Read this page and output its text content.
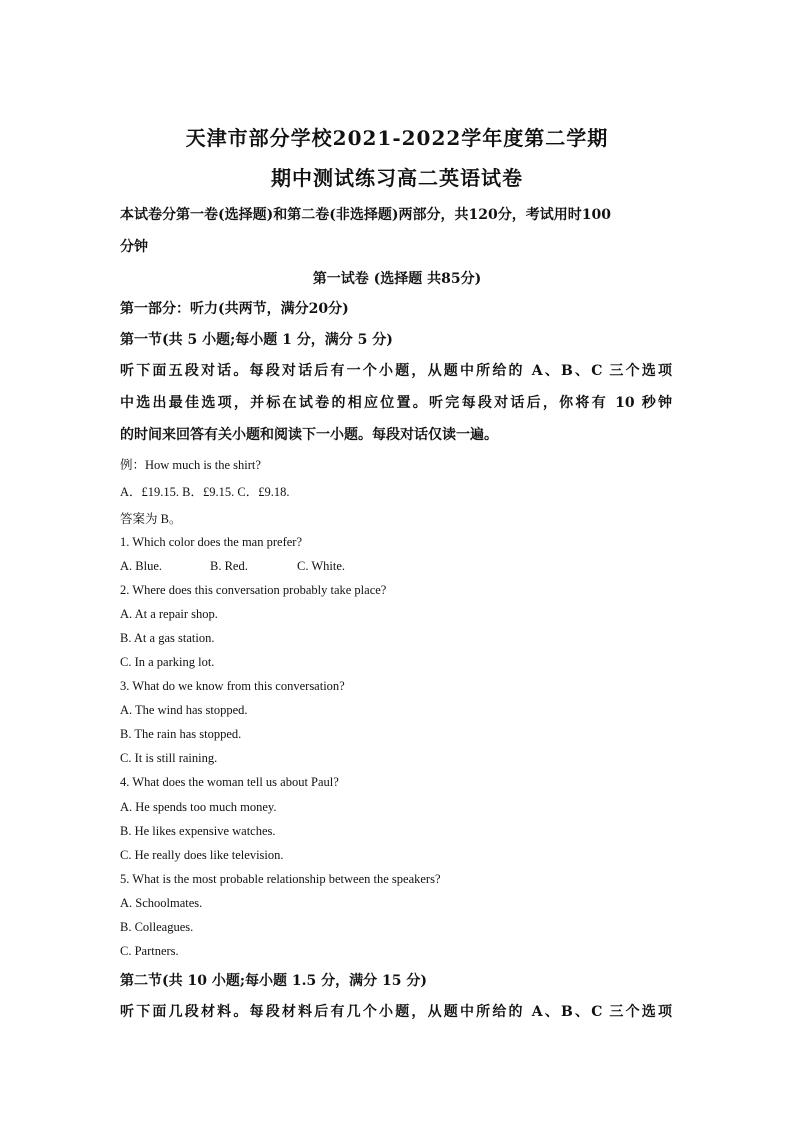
天津市部分学校2021-2022学年度第二学期
期中测试练习高二英语试卷
本试卷分第一卷(选择题)和第二卷(非选择题)两部分，共120分，考试用时100
分钟
第一试卷 (选择题 共85分)
第一部分：听力(共两节，满分20分)
第一节(共 5 小题;每小题 1 分，满分 5 分)
听下面五段对话。每段对话后有一个小题，从题中所给的 A、B、C 三个选项
中选出最佳选项，并标在试卷的相应位置。听完每段对话后，你将有 10 秒钟
的时间来回答有关小题和阅读下一小题。每段对话仅读一遍。
例：How much is the shirt?
A．£19.15. B．£9.15. C．£9.18.
答案为 B。
1. Which color does the man prefer?
A. Blue.	B. Red.	C. White.
2. Where does this conversation probably take place?
A. At a repair shop.
B. At a gas station.
C. In a parking lot.
3. What do we know from this conversation?
A. The wind has stopped.
B. The rain has stopped.
C. It is still raining.
4. What does the woman tell us about Paul?
A. He spends too much money.
B. He likes expensive watches.
C. He really does like television.
5. What is the most probable relationship between the speakers?
A. Schoolmates.
B. Colleagues.
C. Partners.
第二节(共 10 小题;每小题 1.5 分，满分 15 分)
听下面几段材料。每段材料后有几个小题，从题中所给的 A、B、C 三个选项
